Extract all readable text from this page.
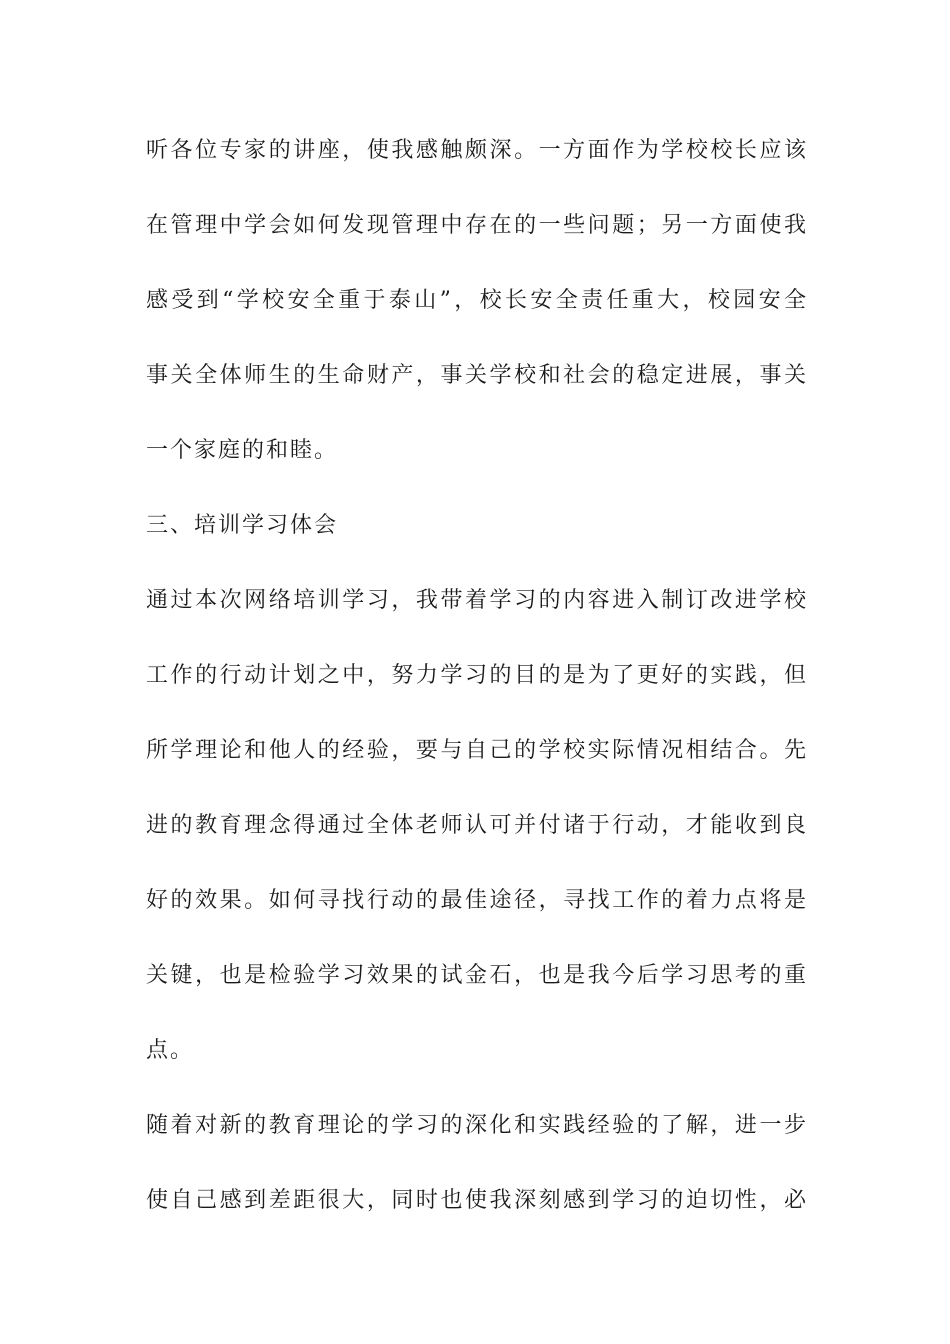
听各位专家的讲座，使我感触颇深。一方面作为学校校长应该
在管理中学会如何发现管理中存在的一些问题；另一方面使我
感受到“学校安全重于泰山”，校长安全责任重大，校园安全
事关全体师生的生命财产，事关学校和社会的稳定进展，事关
一个家庭的和睦。
三、培训学习体会
通过本次网络培训学习，我带着学习的内容进入制订改进学校
工作的行动计划之中，努力学习的目的是为了更好的实践，但
所学理论和他人的经验，要与自己的学校实际情况相结合。先
进的教育理念得通过全体老师认可并付诸于行动，才能收到良
好的效果。如何寻找行动的最佳途径，寻找工作的着力点将是
关键，也是检验学习效果的试金石，也是我今后学习思考的重
点。
随着对新的教育理论的学习的深化和实践经验的了解，进一步
使自己感到差距很大，同时也使我深刻感到学习的迫切性，必
